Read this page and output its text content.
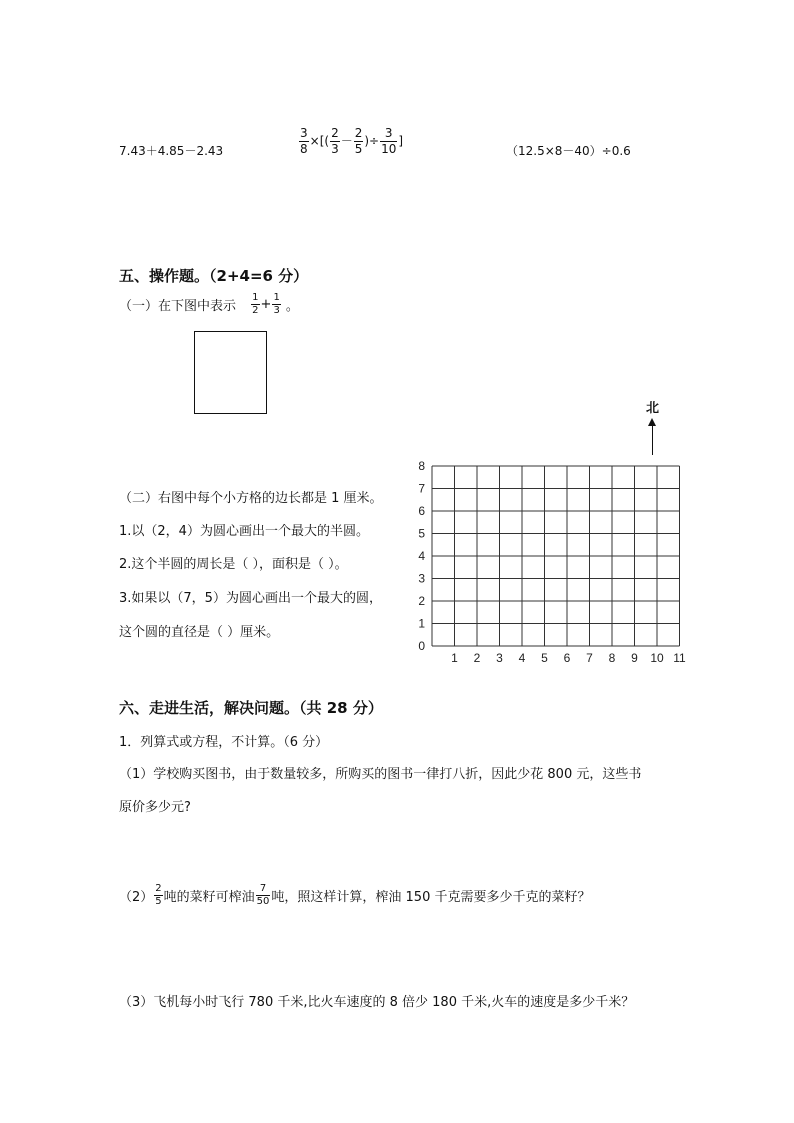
7.43＋4.85－2.43	$\frac{3}{8}$ ×[( $\frac{2}{3} - \frac{2}{5}$ )÷ $\frac{3}{10}$ ]
（12.5×8－40）÷0.6
五、操作题。（2+4=6 分）
（一）在下图中表示 $\frac{1}{2} + \frac{1}{3}$ 。
北
（二）右图中每个小方格的边长都是 1 厘米。
1.以（2，4）为圆心画出一个最大的半圆。
2.这个半圆的周长是（ ），面积是（ ）。
3.如果以（7，5）为圆心画出一个最大的圆，
这个圆的直径是（ ）厘米。
1 2 3 4 5 6 7 8 9 10 11
8
7
6
5
4
3
2
1
0
六、走进生活，解决问题。（共 28 分）
1．列算式或方程，不计算。（6 分）
（1）学校购买图书，由于数量较多，所购买的图书一律打八折，因此少花 800 元，这些书
原价多少元?
$(2) \frac{2}{5}$ 吨的菜籽可榨油 $\frac{7}{50}$ 吨，照这样计算，榨油 150 千克需要多少千克的菜籽？
（3）飞机每小时飞行 780 千米,比火车速度的 8 倍少 180 千米,火车的速度是多少千米？
